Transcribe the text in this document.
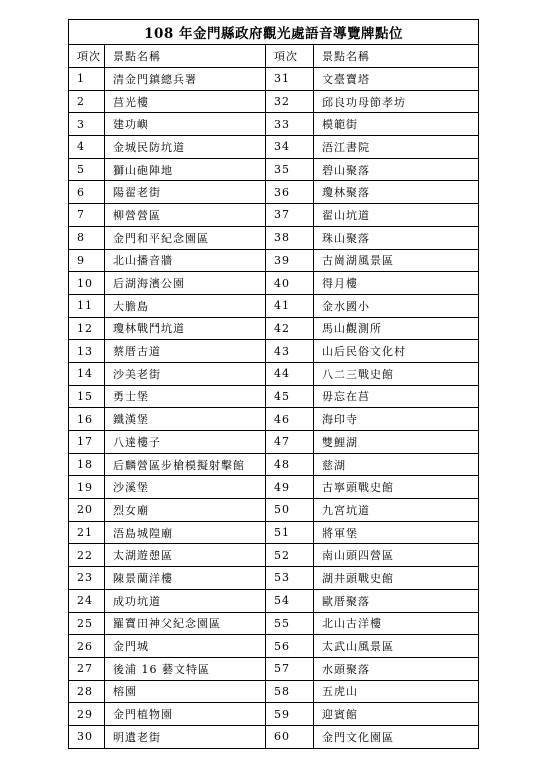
108 年金門縣政府觀光處語音導覽牌點位			
項次	景點名稱	項次	景點名稱
1	清金門鎮總兵署	31	文臺寶塔
2	莒光樓	32	邱良功母節孝坊
3	建功嶼	33	模範街
4	金城民防坑道	34	浯江書院
5	獅山砲陣地	35	碧山聚落
6	陽翟老街	36	瓊林聚落
7	柳營營區	37	翟山坑道
8	金門和平紀念園區	38	珠山聚落
9	北山播音牆	39	古崗湖風景區
10	后湖海濱公園	40	得月樓
11	大膽島	41	金水國小
12	瓊林戰鬥坑道	42	馬山觀測所
13	蔡厝古道	43	山后民俗文化村
14	沙美老街	44	八二三戰史館
15	勇士堡	45	毋忘在莒
16	鐵漢堡	46	海印寺
17	八達樓子	47	雙鯉湖
18	后麟營區步槍模擬射擊館	48	慈湖
19	沙溪堡	49	古寧頭戰史館
20	烈女廟	50	九宮坑道
21	浯島城隍廟	51	將軍堡
22	太湖遊憩區	52	南山頭四營區
23	陳景蘭洋樓	53	湖井頭戰史館
24	成功坑道	54	歐厝聚落
25	羅寶田神父紀念園區	55	北山古洋樓
26	金門城	56	太武山風景區
27	後浦 16 藝文特區	57	水頭聚落
28	榕園	58	五虎山
29	金門植物園	59	迎賓館
30	明遺老街	60	金門文化園區
